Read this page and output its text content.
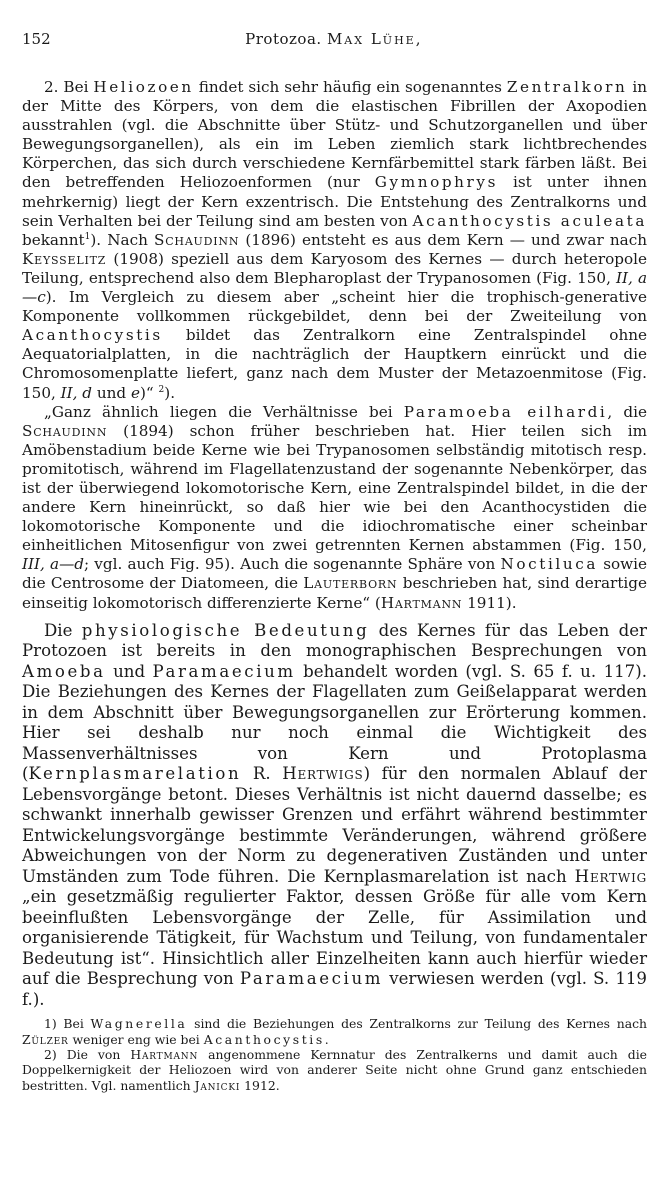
152	Protozoa. Max Lühe,

2. Bei Heliozoen findet sich sehr häufig ein sogenanntes Zentralkorn in der Mitte des Körpers, von dem die elastischen Fibrillen der Axopodien ausstrahlen (vgl. die Abschnitte über Stütz- und Schutzorganellen und über Bewegungsorganellen), als ein im Leben ziemlich stark lichtbrechendes Körperchen, das sich durch verschiedene Kernfärbemittel stark färben läßt. Bei den betreffenden Heliozoenformen (nur Gymnophrys ist unter ihnen mehrkernig) liegt der Kern exzentrisch. Die Entstehung des Zentralkorns und sein Verhalten bei der Teilung sind am besten von Acanthocystis aculeata bekannt$^1$). Nach Schaudinn (1896) entsteht es aus dem Kern — und zwar nach Keysselitz (1908) speziell aus dem Karyosom des Kernes — durch heteropole Teilung, entsprechend also dem Blepharoplast der Trypanosomen (Fig. 150, II, a—c). Im Vergleich zu diesem aber „scheint hier die trophisch-generative Komponente vollkommen rückgebildet, denn bei der Zweiteilung von Acanthocystis bildet das Zentralkorn eine Zentralspindel ohne Aequatorialplatten, in die nachträglich der Hauptkern einrückt und die Chromosomenplatte liefert, ganz nach dem Muster der Metazoenmitose (Fig. 150, II, d und e)“ $^2$).

„Ganz ähnlich liegen die Verhältnisse bei Paramoeba eilhardi, die Schaudinn (1894) schon früher beschrieben hat. Hier teilen sich im Amöbenstadium beide Kerne wie bei Trypanosomen selbständig mitotisch resp. promitotisch, während im Flagellatenzustand der sogenannte Nebenkörper, das ist der überwiegend lokomotorische Kern, eine Zentralspindel bildet, in die der andere Kern hineinrückt, so daß hier wie bei den Acanthocystiden die lokomotorische Komponente und die idiochromatische einer scheinbar einheitlichen Mitosenfigur von zwei getrennten Kernen abstammen (Fig. 150, III, a—d; vgl. auch Fig. 95). Auch die sogenannte Sphäre von Noctiluca sowie die Centrosome der Diatomeen, die Lauterborn beschrieben hat, sind derartige einseitig lokomotorisch differenzierte Kerne“ (Hartmann 1911).

Die physiologische Bedeutung des Kernes für das Leben der Protozoen ist bereits in den monographischen Besprechungen von Amoeba und Paramaecium behandelt worden (vgl. S. 65 f. u. 117). Die Beziehungen des Kernes der Flagellaten zum Geißelapparat werden in dem Abschnitt über Bewegungsorganellen zur Erörterung kommen. Hier sei deshalb nur noch einmal die Wichtigkeit des Massenverhältnisses von Kern und Protoplasma (Kernplasmarelation R. Hertwigs) für den normalen Ablauf der Lebensvorgänge betont. Dieses Verhältnis ist nicht dauernd dasselbe; es schwankt innerhalb gewisser Grenzen und erfährt während bestimmter Entwickelungsvorgänge bestimmte Veränderungen, während größere Abweichungen von der Norm zu degenerativen Zuständen und unter Umständen zum Tode führen. Die Kernplasmarelation ist nach Hertwig „ein gesetzmäßig regulierter Faktor, dessen Größe für alle vom Kern beeinflußten Lebensvorgänge der Zelle, für Assimilation und organisierende Tätigkeit, für Wachstum und Teilung, von fundamentaler Bedeutung ist“. Hinsichtlich aller Einzelheiten kann auch hierfür wieder auf die Besprechung von Paramaecium verwiesen werden (vgl. S. 119 f.).

1) Bei Wagnerella sind die Beziehungen des Zentralkorns zur Teilung des Kernes nach Zülzer weniger eng wie bei Acanthocystis.

2) Die von Hartmann angenommene Kernnatur des Zentralkerns und damit auch die Doppelkernigkeit der Heliozoen wird von anderer Seite nicht ohne Grund ganz entschieden bestritten. Vgl. namentlich Janicki 1912.
